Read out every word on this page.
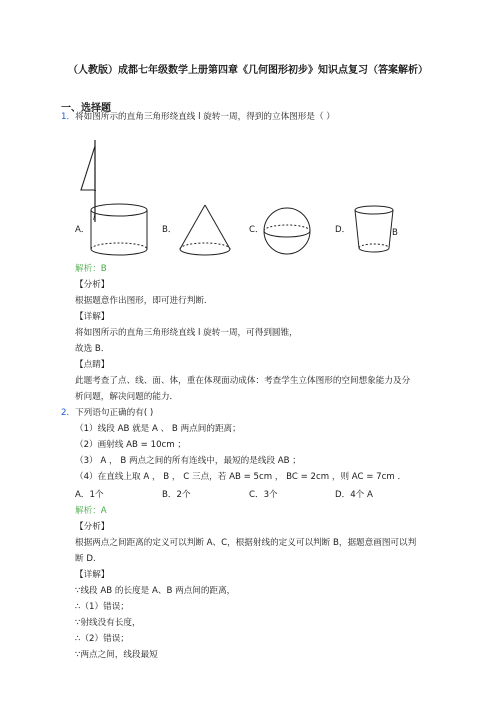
（人教版）成都七年级数学上册第四章《几何图形初步》知识点复习（答案解析）
一、选择题
1．将如图所示的直角三角形绕直线 l 旋转一周，得到的立体图形是（ ）
l
A．	B．	C．	D．	B
解析：B
【分析】
根据题意作出图形，即可进行判断.
【详解】
将如图所示的直角三角形绕直线 l 旋转一周，可得到圆锥，
故选 B．
【点睛】
此题考查了点、线、面、体，重在体现面动成体：考查学生立体图形的空间想象能力及分
析问题，解决问题的能力．
2．下列语句正确的有( )
（1）线段 AB 就是 A 、 B 两点间的距离；
（2）画射线 AB = 10cm ；
（3） A ， B 两点之间的所有连线中，最短的是线段 AB ；
（4）在直线上取 A ， B ， C 三点，若 AB = 5cm ， BC = 2cm ，则 AC = 7cm ．
A．1个	B．2个	C．3个	D．4个 A
解析：A
【分析】
根据两点之间距离的定义可以判断 A、C，根据射线的定义可以判断 B，据题意画图可以判
断 D.
【详解】
∵线段 AB 的长度是 A、B 两点间的距离，
∴（1）错误；
∵射线没有长度，
∴（2）错误；
∵两点之间，线段最短
